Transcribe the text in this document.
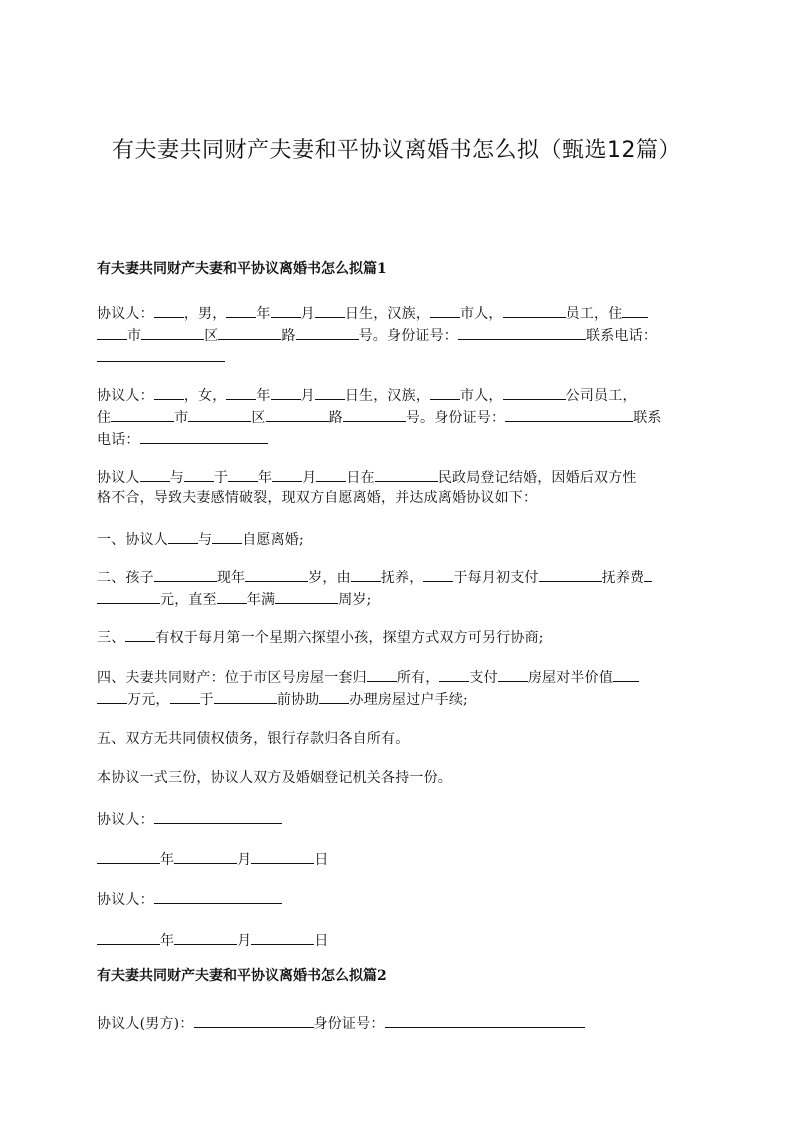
有夫妻共同财产夫妻和平协议离婚书怎么拟（甄选12篇）
有夫妻共同财产夫妻和平协议离婚书怎么拟篇1
协议人： ，男， 年 月 日生，汉族， 市人，	员工，住
市	区	路	号。身份证号：	联系电话：
协议人： ，女， 年 月 日生，汉族， 市人，	公司员工，
住	市	区	路	号。身份证号：	联系
电话：
协议人 与 于 年 月 日在	民政局登记结婚，因婚后双方性
格不合，导致夫妻感情破裂，现双方自愿离婚，并达成离婚协议如下：
一、协议人 与 自愿离婚;
二、孩子	现年	岁，由 抚养， 于每月初支付	抚养费
元，直至 年满	周岁;
三、 有权于每月第一个星期六探望小孩，探望方式双方可另行协商;
四、夫妻共同财产：位于市区号房屋一套归 所有， 支付 房屋对半价值
万元， 于	前协助 办理房屋过户手续;
五、双方无共同债权债务，银行存款归各自所有。
本协议一式三份，协议人双方及婚姻登记机关各持一份。
协议人：
年	月	日
协议人：
年	月	日
有夫妻共同财产夫妻和平协议离婚书怎么拟篇2
协议人(男方)：	身份证号：
